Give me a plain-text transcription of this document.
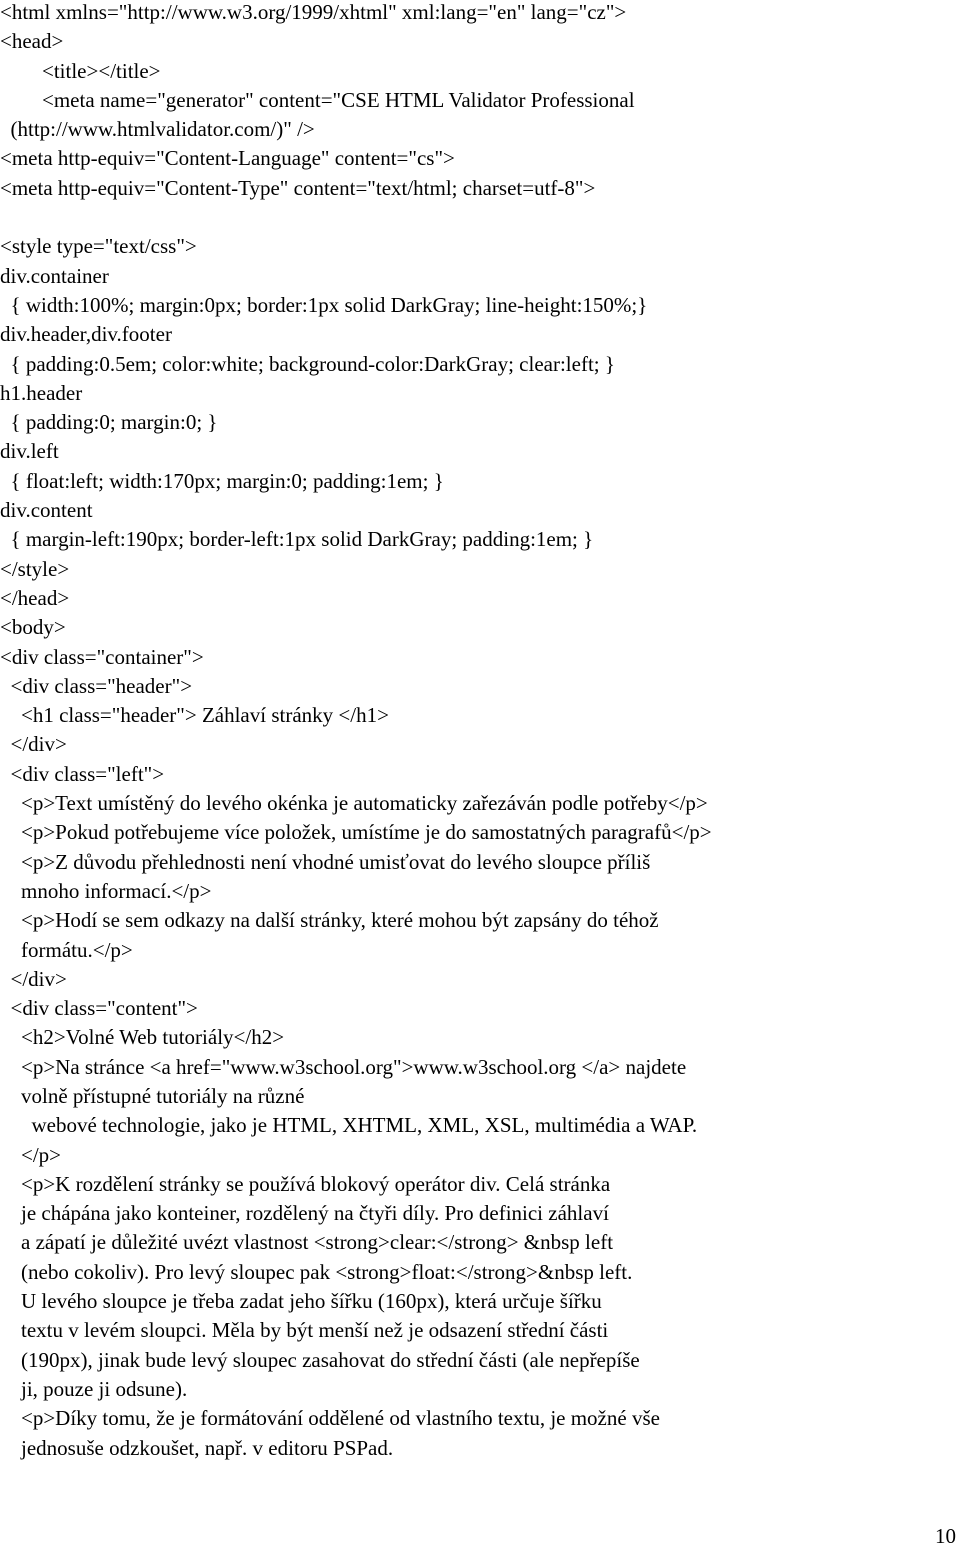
<html xmlns="http://www.w3.org/1999/xhtml" xml:lang="en" lang="cz">
<head>
<title></title>
<meta name="generator" content="CSE HTML Validator Professional
(http://www.htmlvalidator.com/)" />
<meta http-equiv="Content-Language" content="cs">
<meta http-equiv="Content-Type" content="text/html; charset=utf-8">
<style type="text/css">
div.container
{ width:100%; margin:0px; border:1px solid DarkGray; line-height:150%;}
div.header,div.footer
{ padding:0.5em; color:white; background-color:DarkGray; clear:left; }
h1.header
{ padding:0; margin:0; }
div.left
{ float:left; width:170px; margin:0; padding:1em; }
div.content
{ margin-left:190px; border-left:1px solid DarkGray; padding:1em; }
</style>
</head>
<body>
<div class="container">
<div class="header">
<h1 class="header"> Záhlaví stránky </h1>
</div>
<div class="left">
<p>Text umístěný do levého okénka je automaticky zařezáván podle potřeby</p>
<p>Pokud potřebujeme více položek, umístíme je do samostatných paragrafů</p>
<p>Z důvodu přehlednosti není vhodné umisťovat do levého sloupce příliš
mnoho informací.</p>
<p>Hodí se sem odkazy na další stránky, které mohou být zapsány do téhož
formátu.</p>
</div>
<div class="content">
<h2>Volné Web tutoriály</h2>
<p>Na stránce <a href="www.w3school.org">www.w3school.org </a> najdete
volně přístupné tutoriály na různé
webové technologie, jako je HTML, XHTML, XML, XSL, multimédia a WAP.
</p>
<p>K rozdělení stránky se používá blokový operátor div. Celá stránka
je chápána jako konteiner, rozdělený na čtyři díly. Pro definici záhlaví
a zápatí je důležité uvézt vlastnost <strong>clear:</strong> &nbsp left
(nebo cokoliv). Pro levý sloupec pak <strong>float:</strong>&nbsp left.
U levého sloupce je třeba zadat jeho šířku (160px), která určuje šířku
textu v levém sloupci. Měla by být menší než je odsazení střední části
(190px), jinak bude levý sloupec zasahovat do střední části (ale nepřepíše
ji, pouze ji odsune).
<p>Díky tomu, že je formátování oddělené od vlastního textu, je možné vše
jednosuše odzkoušet, např. v editoru PSPad.
10
